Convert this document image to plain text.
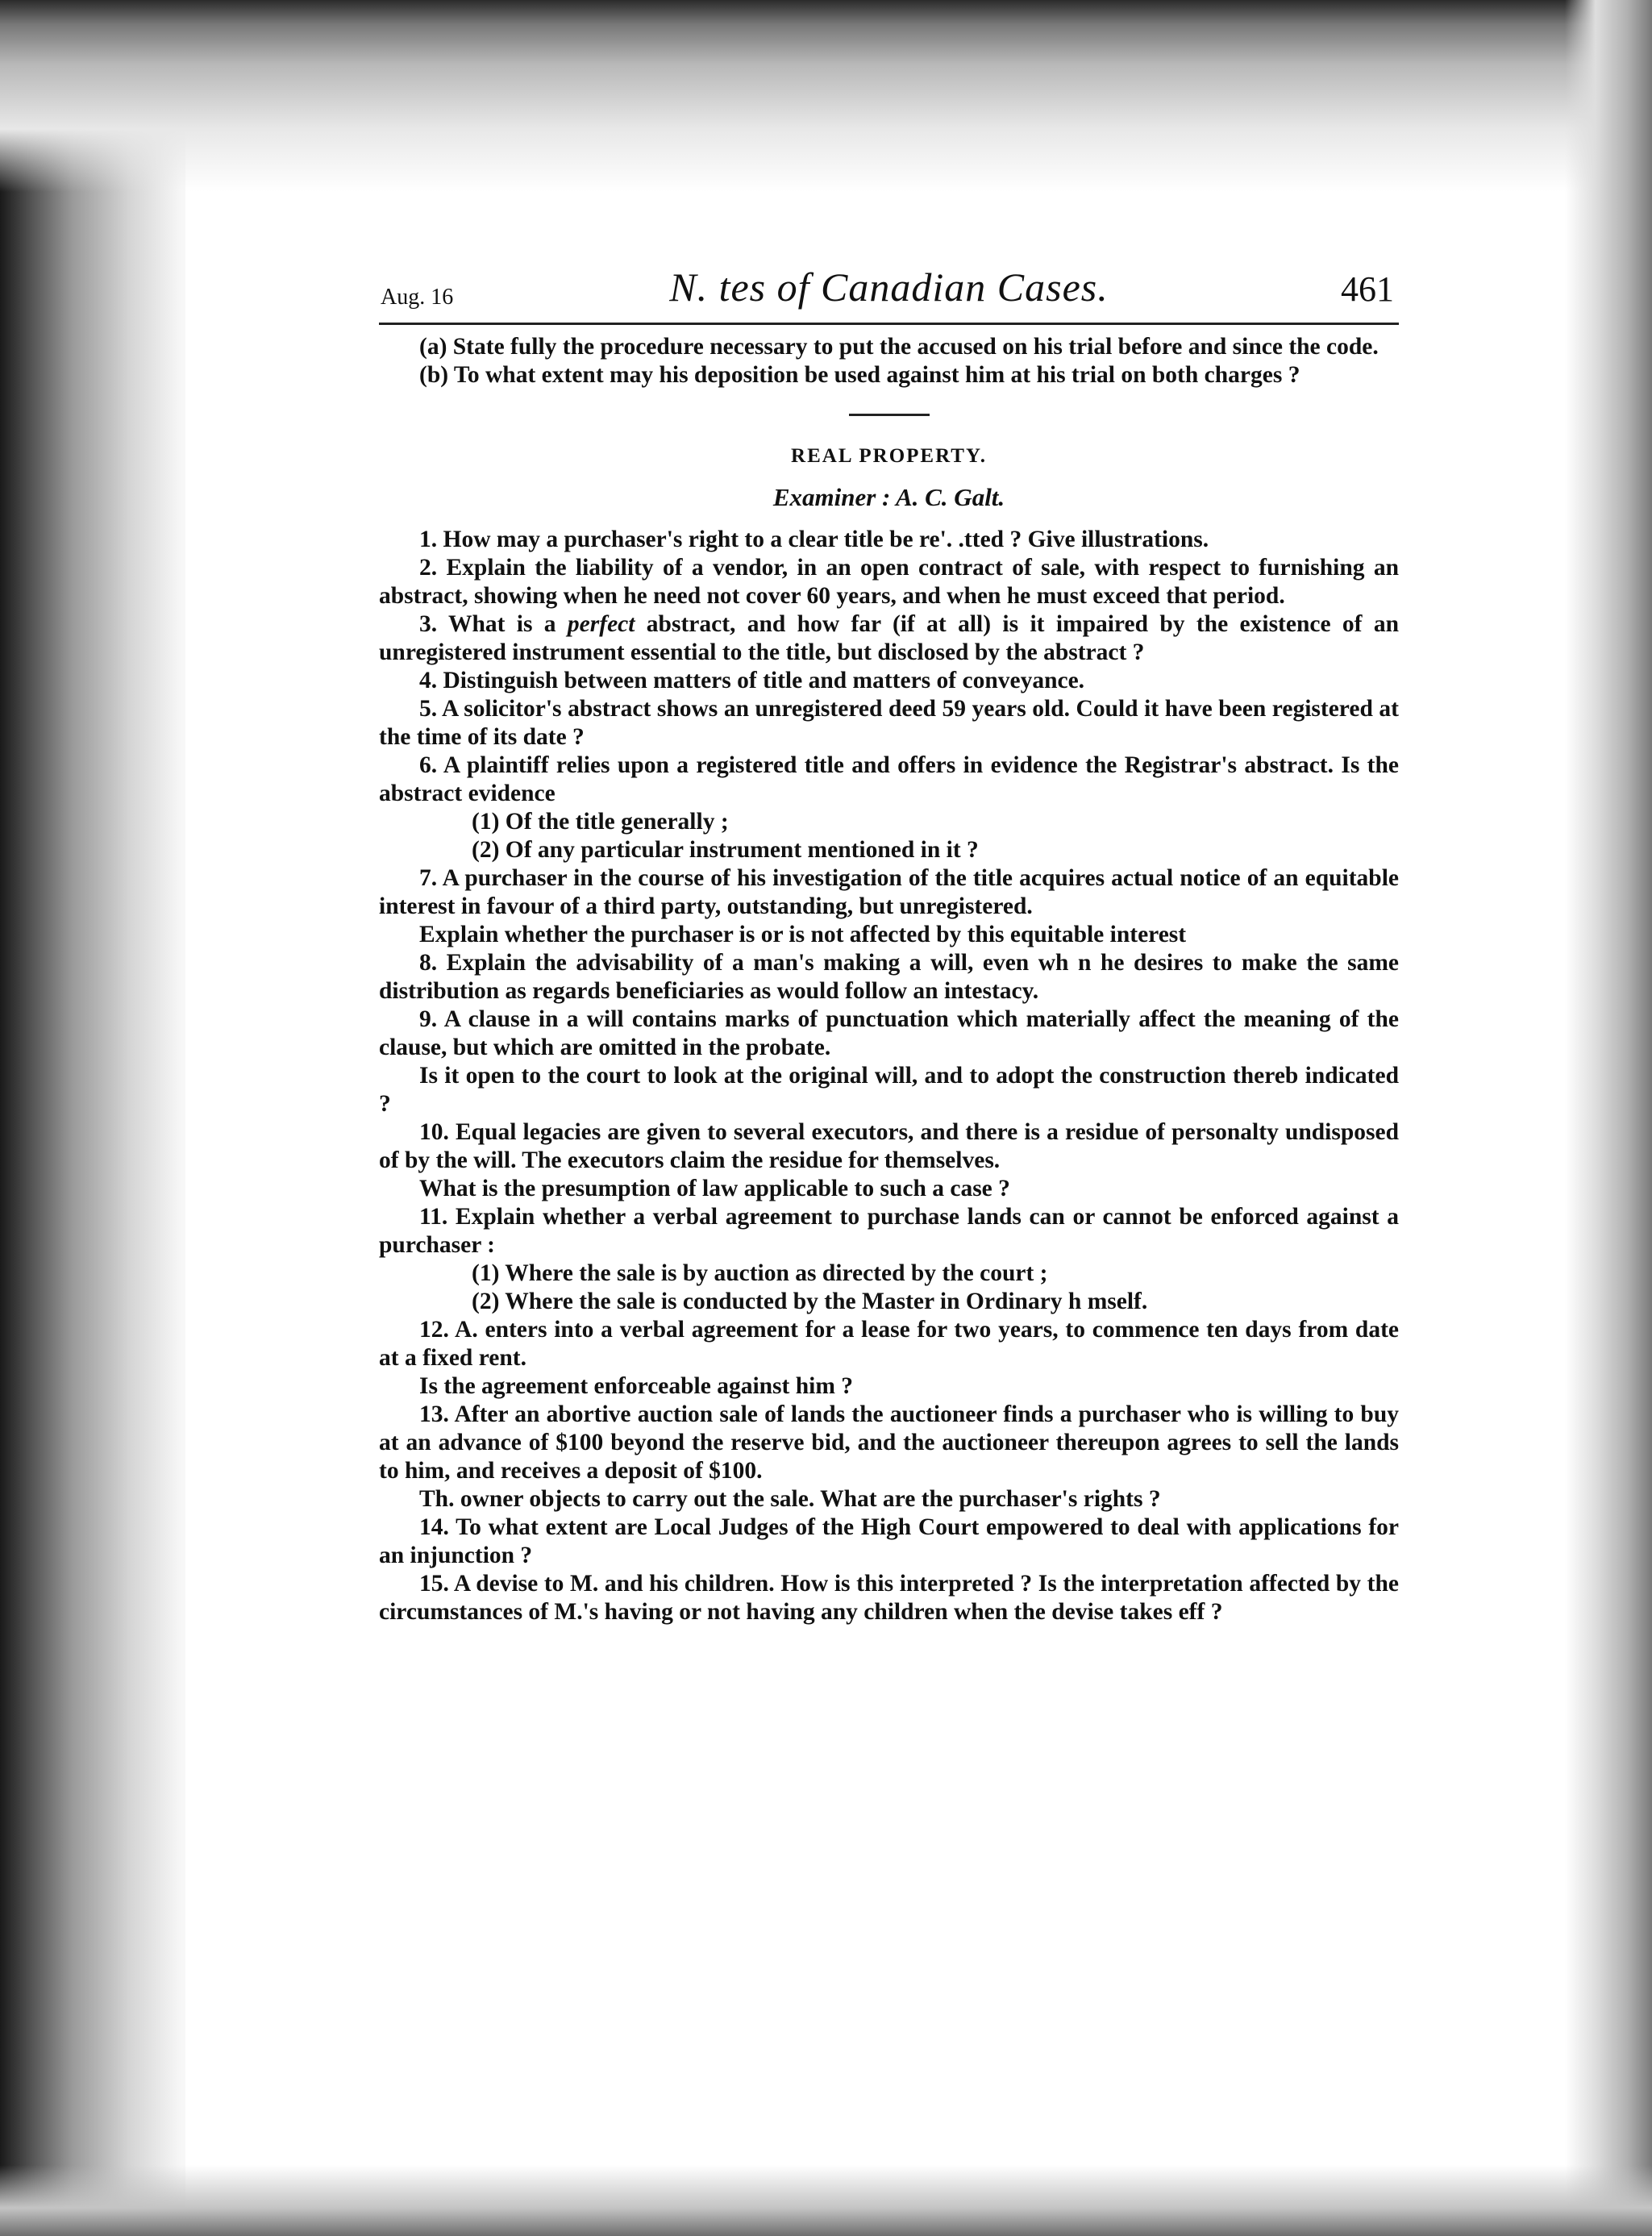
Aug. 16	N. tes of Canadian Cases.	461

(a) State fully the procedure necessary to put the accused on his trial before and since the code.

(b) To what extent may his deposition be used against him at his trial on both charges ?

REAL PROPERTY.

Examiner : A. C. Galt.

1. How may a purchaser's right to a clear title be re'. .tted ? Give illustrations.

2. Explain the liability of a vendor, in an open contract of sale, with respect to furnishing an abstract, showing when he need not cover 60 years, and when he must exceed that period.

3. What is a perfect abstract, and how far (if at all) is it impaired by the existence of an unregistered instrument essential to the title, but disclosed by the abstract ?

4. Distinguish between matters of title and matters of conveyance.

5. A solicitor's abstract shows an unregistered deed 59 years old. Could it have been registered at the time of its date ?

6. A plaintiff relies upon a registered title and offers in evidence the Registrar's abstract. Is the abstract evidence

(1) Of the title generally ;

(2) Of any particular instrument mentioned in it ?

7. A purchaser in the course of his investigation of the title acquires actual notice of an equitable interest in favour of a third party, outstanding, but unregistered.

Explain whether the purchaser is or is not affected by this equitable interest

8. Explain the advisability of a man's making a will, even wh n he desires to make the same distribution as regards beneficiaries as would follow an intestacy.

9. A clause in a will contains marks of punctuation which materially affect the meaning of the clause, but which are omitted in the probate.

Is it open to the court to look at the original will, and to adopt the construction thereb indicated ?

10. Equal legacies are given to several executors, and there is a residue of personalty undisposed of by the will. The executors claim the residue for themselves.

What is the presumption of law applicable to such a case ?

11. Explain whether a verbal agreement to purchase lands can or cannot be enforced against a purchaser :

(1) Where the sale is by auction as directed by the court ;

(2) Where the sale is conducted by the Master in Ordinary h mself.

12. A. enters into a verbal agreement for a lease for two years, to commence ten days from date at a fixed rent.

Is the agreement enforceable against him ?

13. After an abortive auction sale of lands the auctioneer finds a purchaser who is willing to buy at an advance of $100 beyond the reserve bid, and the auctioneer thereupon agrees to sell the lands to him, and receives a deposit of $100.

Th. owner objects to carry out the sale. What are the purchaser's rights ?

14. To what extent are Local Judges of the High Court empowered to deal with applications for an injunction ?

15. A devise to M. and his children. How is this interpreted ? Is the interpretation affected by the circumstances of M.'s having or not having any children when the devise takes eff ?
